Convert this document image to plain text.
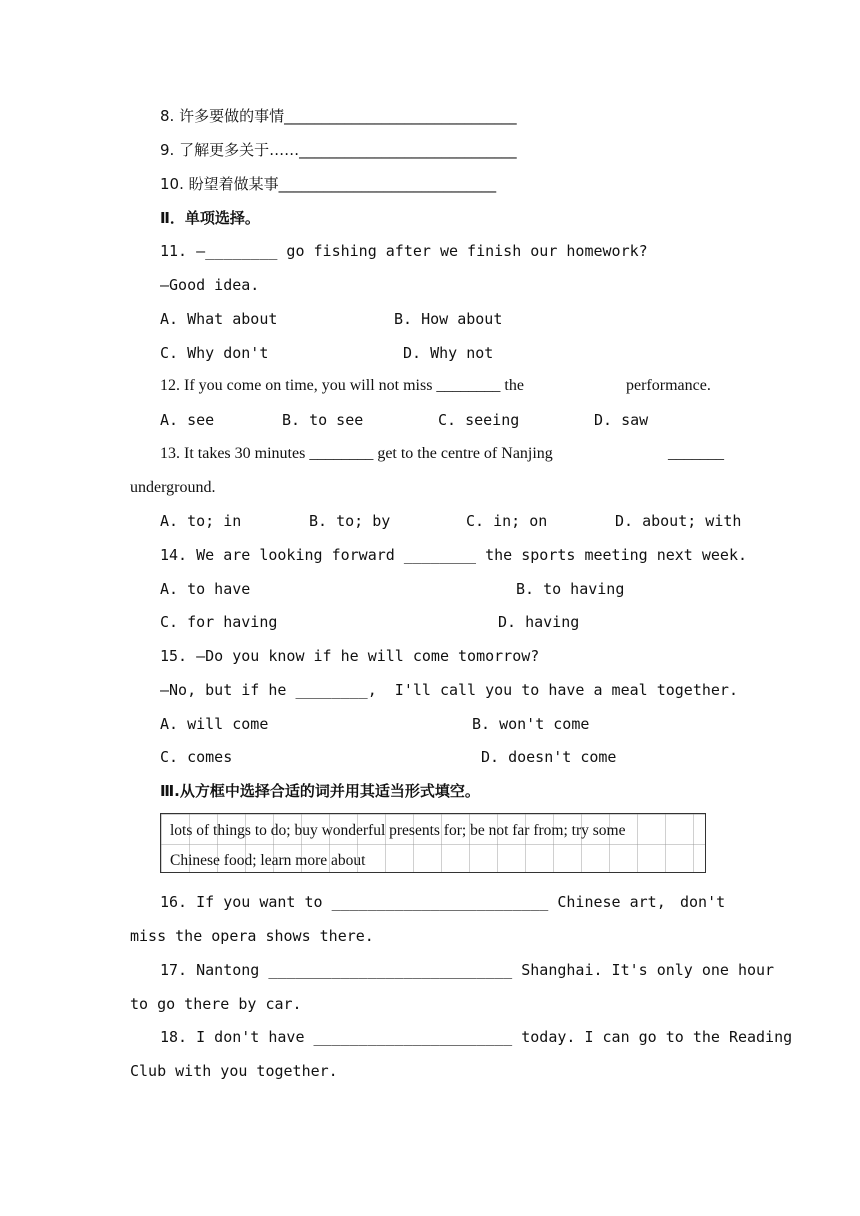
8. 许多要做的事情_______________________________
9. 了解更多关于……_____________________________
10. 盼望着做某事_____________________________
Ⅱ．单项选择。
11. —________ go fishing after we finish our homework?
—Good idea.
A. What about	B. How about
C. Why don't	D. Why not
12. If you come on time, you will not miss ________ the	performance.
A. see	B. to see	C. seeing	D. saw
13. It takes 30 minutes ________ get to the centre of Nanjing	_______
underground.
A. to; in	B. to; by	C. in; on	D. about; with
14. We are looking forward ________ the sports meeting next week.
A. to have	B. to having
C. for having	D. having
15. —Do you know if he will come tomorrow?
—No, but if he ________,  I'll call you to have a meal together.
A. will come	B. won't come
C. comes	D. doesn't come
Ⅲ.从方框中选择合适的词并用其适当形式填空。
lots of things to do; buy wonderful presents for; be not far from; try some
Chinese food; learn more about
16. If you want to ________________________ Chinese art, don't
miss the opera shows there.
17. Nantong ___________________________ Shanghai. It's only one hour
to go there by car.
18. I don't have ______________________ today. I can go to the Reading
Club with you together.
